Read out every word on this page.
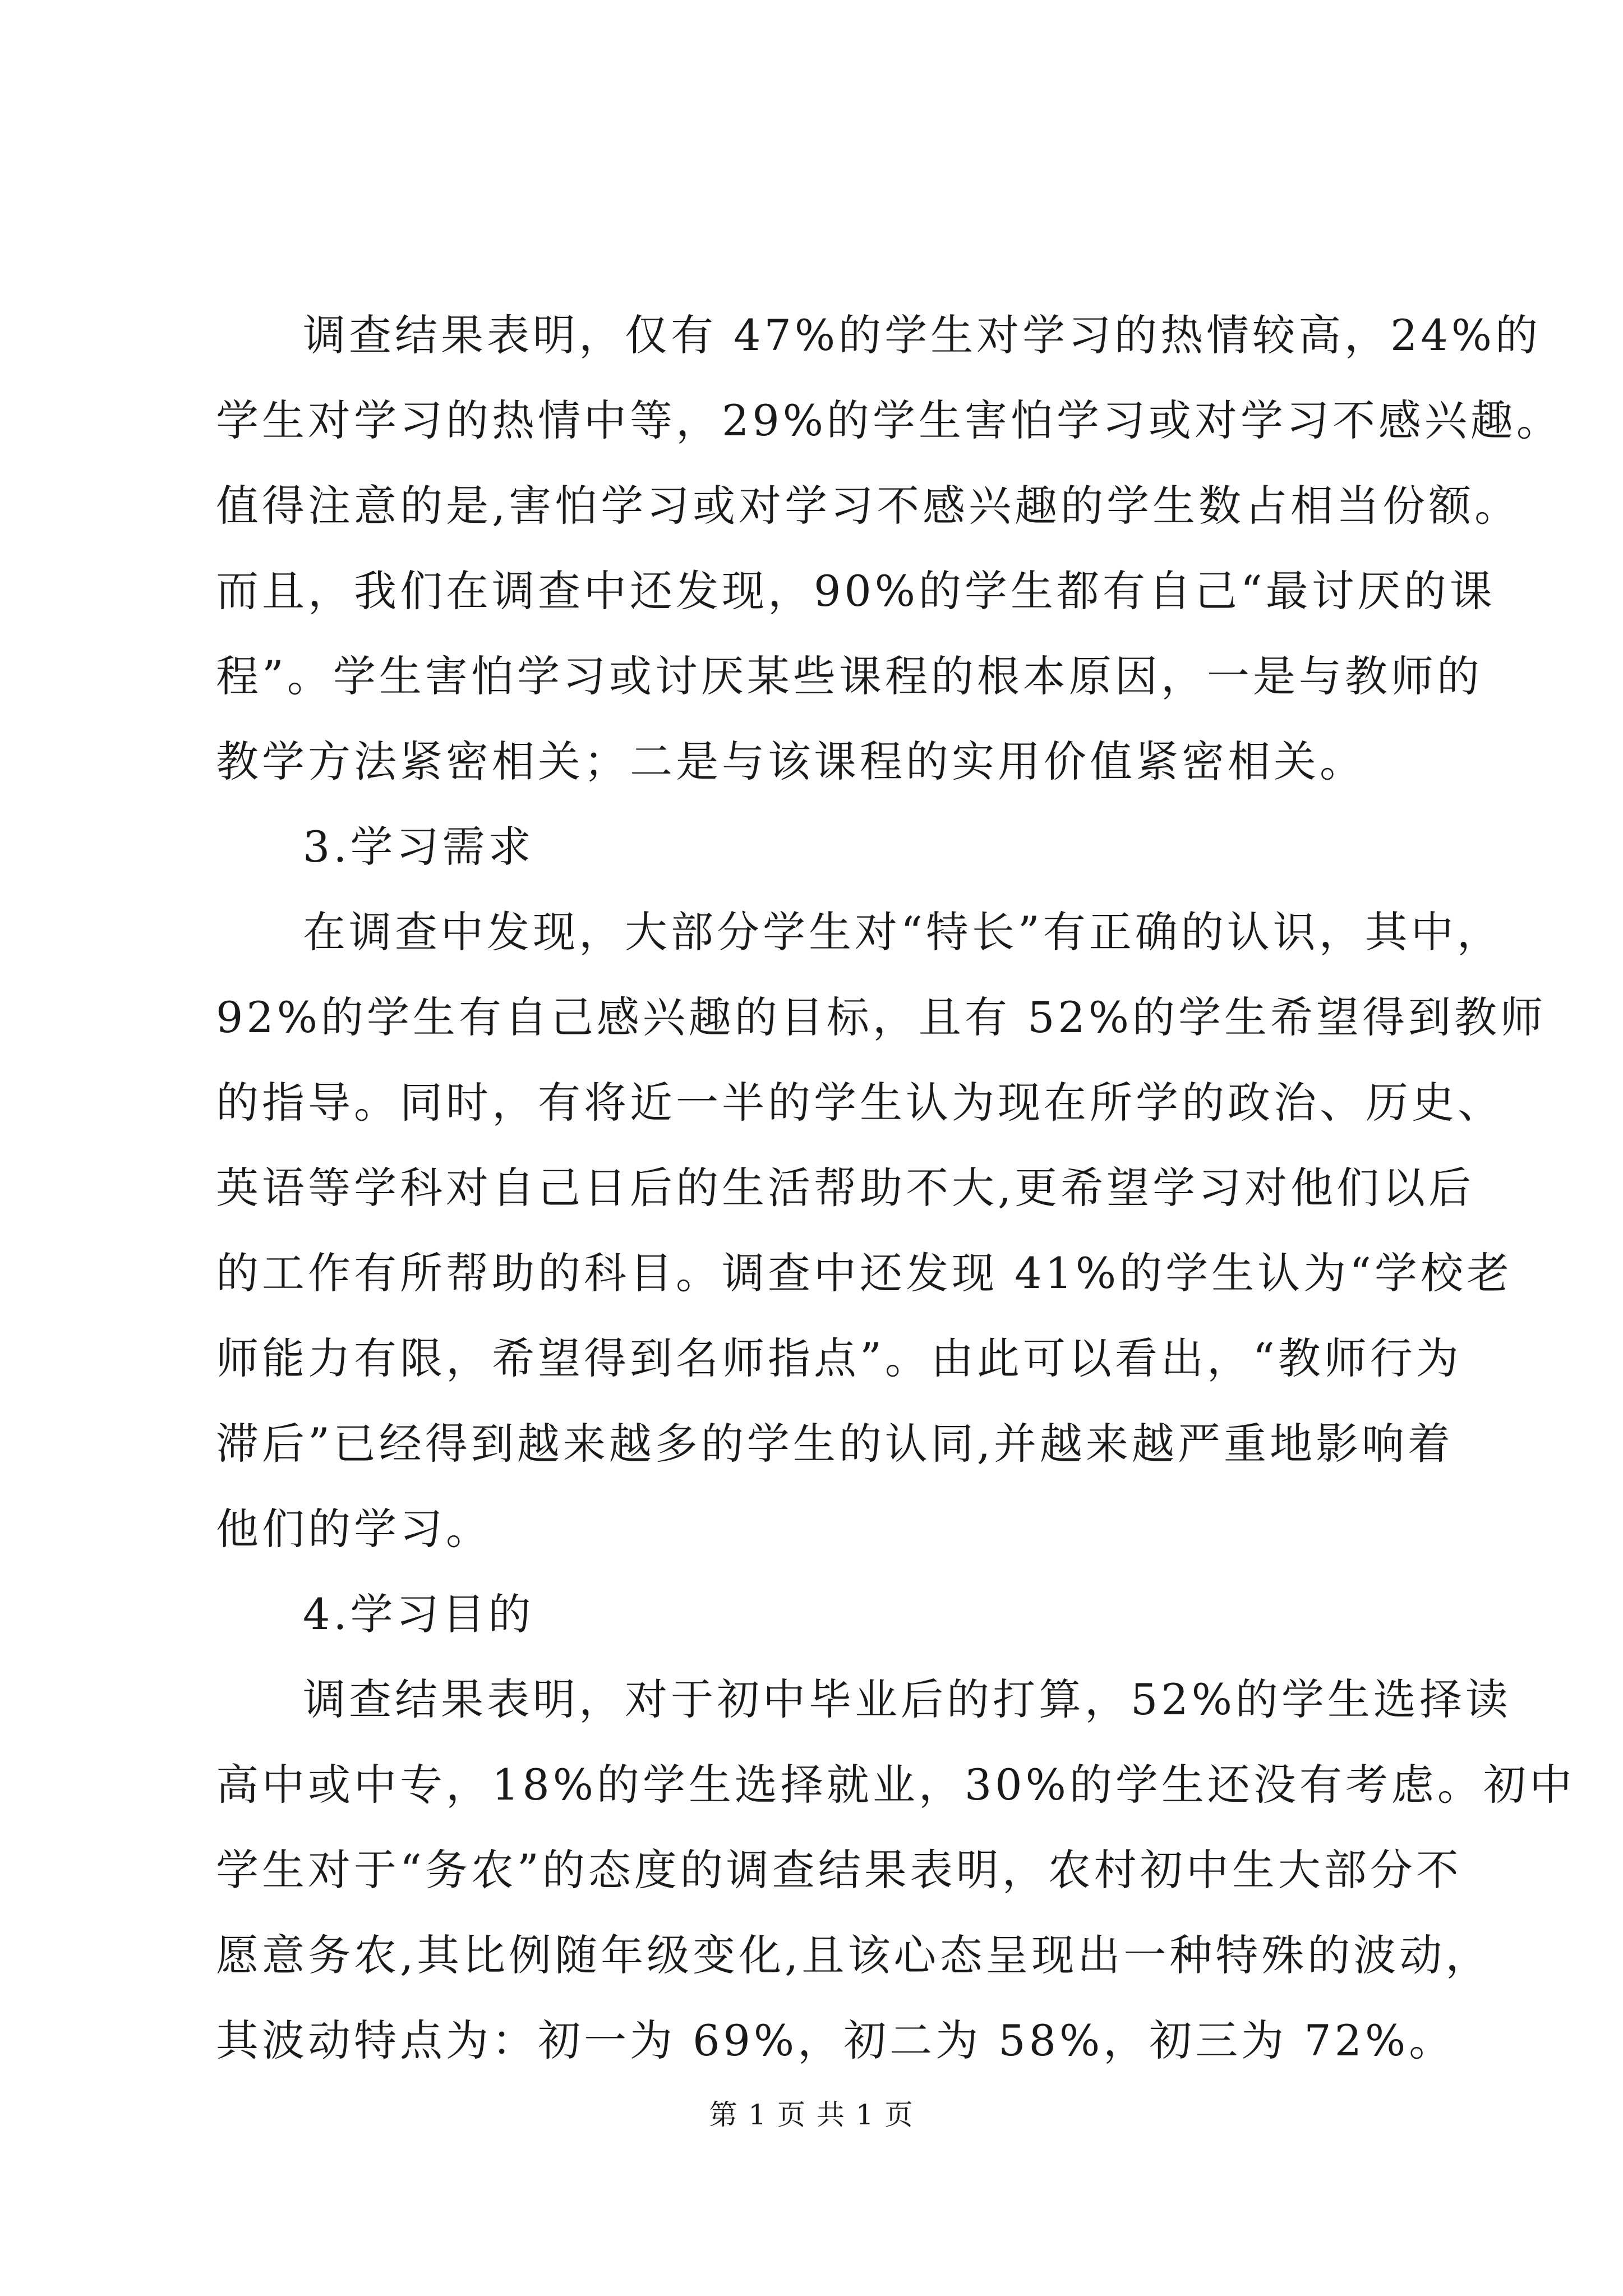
调查结果表明，仅有 47%的学生对学习的热情较高，24%的
学生对学习的热情中等，29%的学生害怕学习或对学习不感兴趣。
值得注意的是,害怕学习或对学习不感兴趣的学生数占相当份额。
而且，我们在调查中还发现，90%的学生都有自己“最讨厌的课
程”。学生害怕学习或讨厌某些课程的根本原因，一是与教师的
教学方法紧密相关；二是与该课程的实用价值紧密相关。
3.学习需求
在调查中发现，大部分学生对“特长”有正确的认识，其中，
92%的学生有自己感兴趣的目标，且有 52%的学生希望得到教师
的指导。同时，有将近一半的学生认为现在所学的政治、历史、
英语等学科对自己日后的生活帮助不大,更希望学习对他们以后
的工作有所帮助的科目。调查中还发现 41%的学生认为“学校老
师能力有限，希望得到名师指点”。由此可以看出，“教师行为
滞后”已经得到越来越多的学生的认同,并越来越严重地影响着
他们的学习。
4.学习目的
调查结果表明，对于初中毕业后的打算，52%的学生选择读
高中或中专，18%的学生选择就业，30%的学生还没有考虑。初中
学生对于“务农”的态度的调查结果表明，农村初中生大部分不
愿意务农,其比例随年级变化,且该心态呈现出一种特殊的波动，
其波动特点为：初一为 69%，初二为 58%，初三为 72%。
第 1 页 共 1 页
